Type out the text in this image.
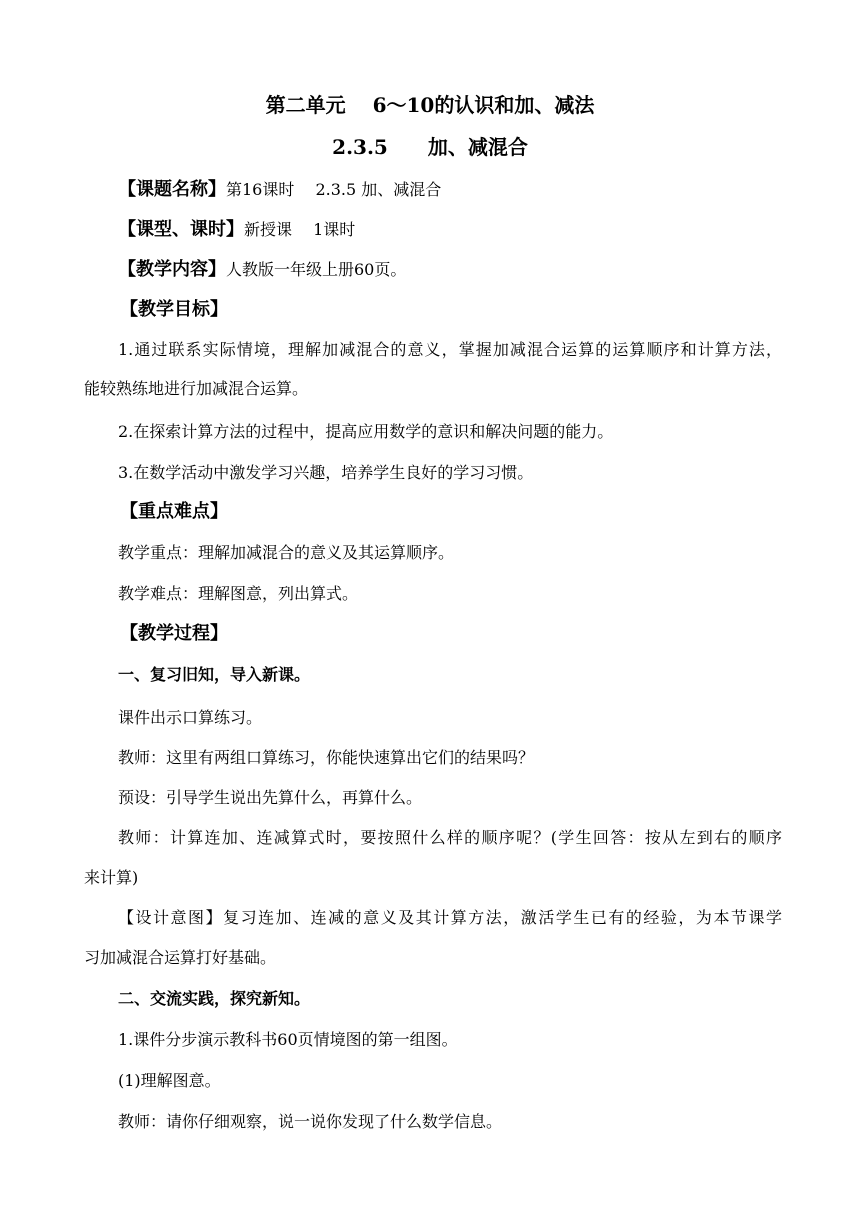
第二单元　 6～10的认识和加、减法
2.3.5　　加、减混合
【课题名称】第16课时　 2.3.5 加、减混合
【课型、课时】新授课　 1课时
【教学内容】人教版一年级上册60页。
【教学目标】
1.通过联系实际情境，理解加减混合的意义，掌握加减混合运算的运算顺序和计算方法，
能较熟练地进行加减混合运算。
2.在探索计算方法的过程中，提高应用数学的意识和解决问题的能力。
3.在数学活动中激发学习兴趣，培养学生良好的学习习惯。
【重点难点】
教学重点：理解加减混合的意义及其运算顺序。
教学难点：理解图意，列出算式。
【教学过程】
一、复习旧知，导入新课。
课件出示口算练习。
教师：这里有两组口算练习，你能快速算出它们的结果吗？
预设：引导学生说出先算什么，再算什么。
教师：计算连加、连减算式时，要按照什么样的顺序呢？(学生回答：按从左到右的顺序
来计算)
【设计意图】复习连加、连减的意义及其计算方法，激活学生已有的经验，为本节课学
习加减混合运算打好基础。
二、交流实践，探究新知。
1.课件分步演示教科书60页情境图的第一组图。
(1)理解图意。
教师：请你仔细观察，说一说你发现了什么数学信息。
